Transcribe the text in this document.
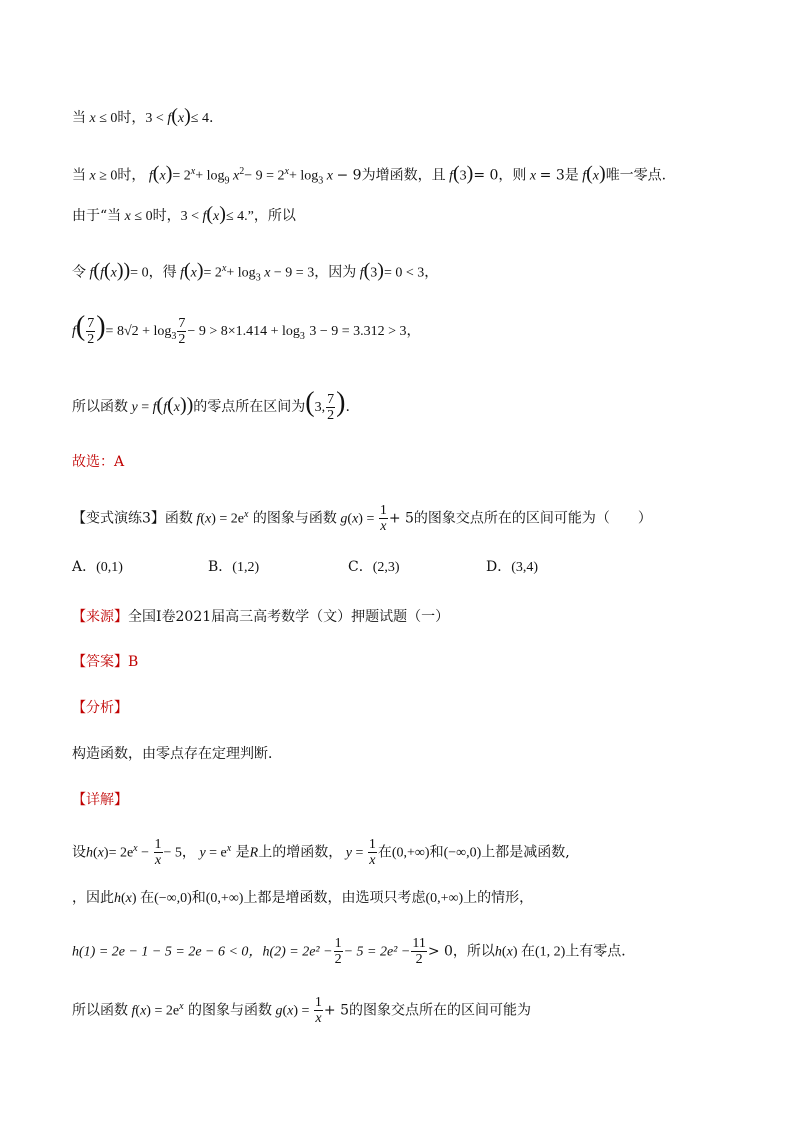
当 x ≤ 0时，3 < f(x)≤ 4.
当 x ≥ 0时， $f(x)= 2^x+ \log_9 x^2- 9 = 2^x+ \log_3 x - 9$为增函数，且 f(3)= 0，则 x = 3是 f(x)唯一零点.
由于“当 x ≤ 0时，3 < f(x)≤ 4.”，所以
令 f(f(x))= 0，得 $f(x)= 2^x+ \log_3 x - 9 = 3$，因为 f(3)= 0 < 3，
$f( \frac{7}{2}$ )= $8√2 + \log_3 \frac{7}{2} - 9 > 8\times 1.414 + \log_3 3 - 9 = 3.312 > 3$，
所以函数 y = f(f(x))的零点所在区间为(3, $\frac{7}{2}$ ).
故选：A
【变式演练3】函数 $f(x) = 2e^x$ 的图象与函数 $g(x) = \frac{1}{x} + 5$的图象交点所在的区间可能为（　　）
A．(0,1)	B．(1,2)	C．(2,3)	D．(3,4)
【来源】全国Ⅰ卷2021届高三高考数学（文）押题试题（一）
【答案】B
【分析】
构造函数，由零点存在定理判断．
【详解】
设$h(x)= 2e^x - \frac{1}{x} - 5$， $y = e^x$ 是R上的增函数， $y = \frac{1}{x}$ 在(0,+∞)和(−∞,0)上都是减函数,
，因此h(x) 在(−∞,0)和(0,+∞)上都是增函数，由选项只考虑(0,+∞)上的情形，
h(1) = 2e − 1 − 5 = 2e − 6 < 0，$h(2) = 2e^2 - \frac{1}{2} - 5 = 2e^2 - \frac{11}{2} > 0$，所以h(x) 在(1, 2)上有零点．
所以函数 $f(x) = 2e^x$ 的图象与函数 $g(x) = \frac{1}{x} + 5$的图象交点所在的区间可能为
